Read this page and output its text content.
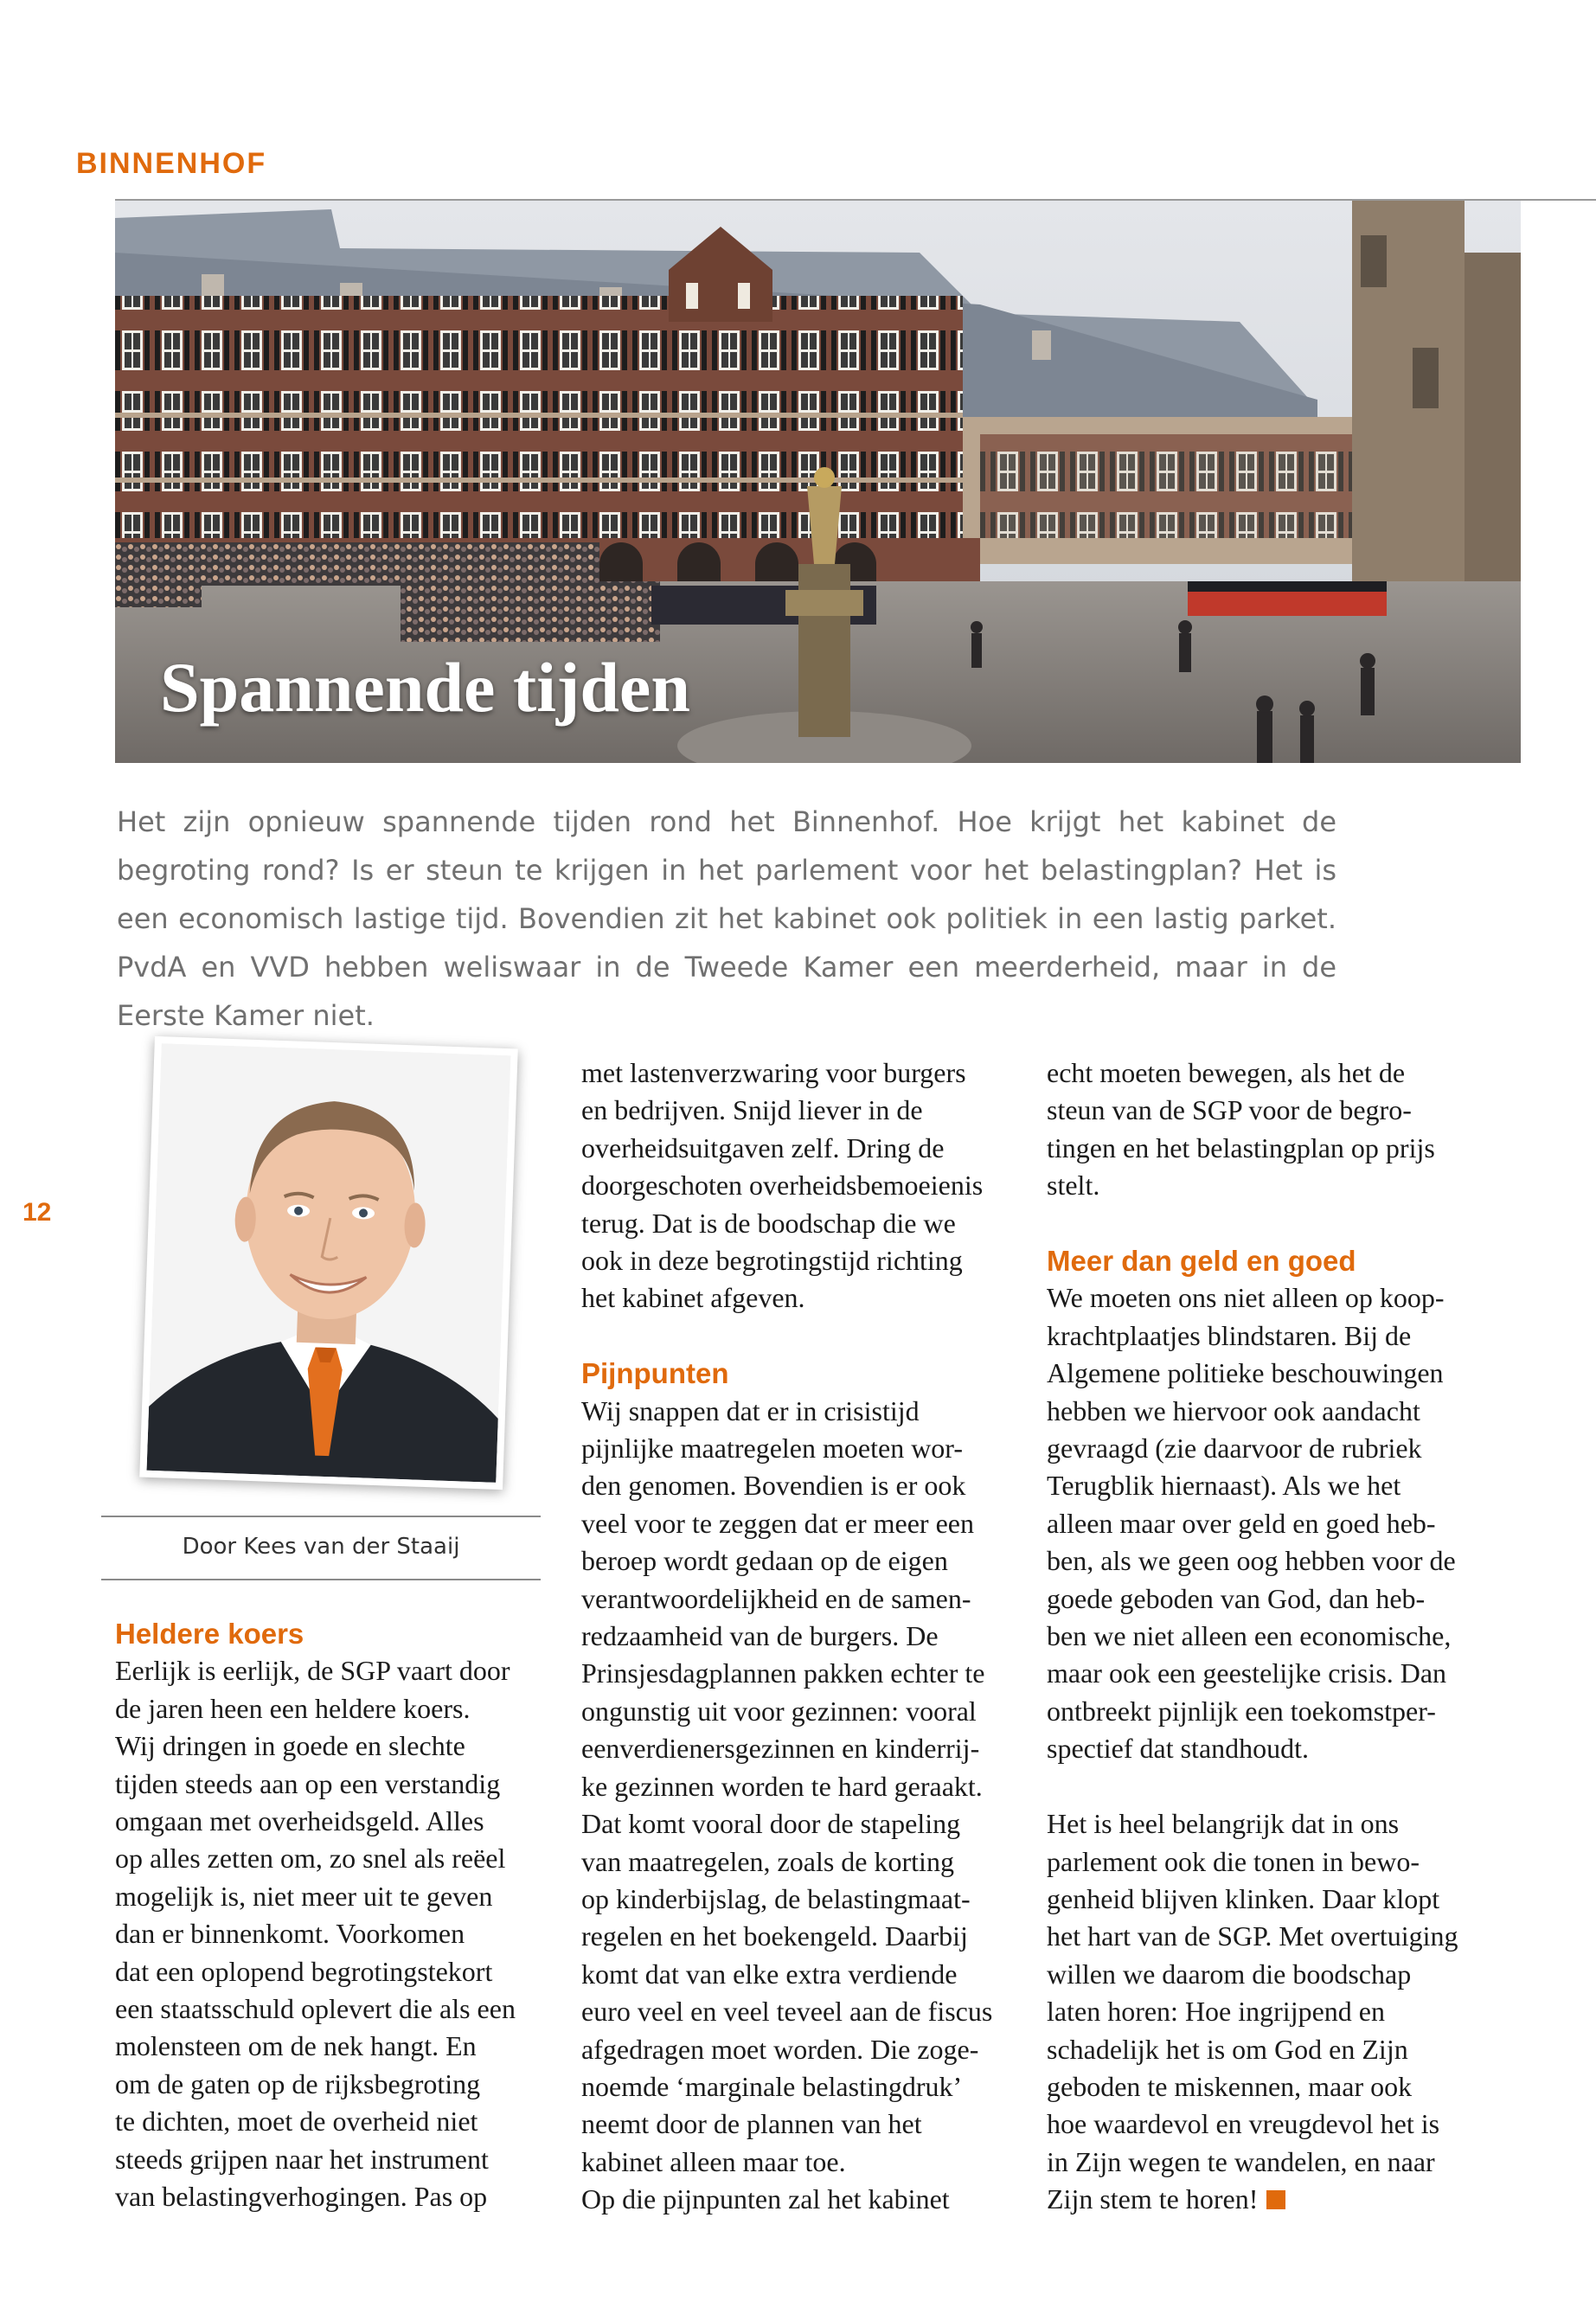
BINNENHOF
Spannende tijden
Het zijn opnieuw spannende tijden rond het Binnenhof. Hoe krijgt het kabinet de begroting rond? Is er steun te krijgen in het parlement voor het belastingplan? Het is een economisch lastige tijd. Bovendien zit het kabinet ook politiek in een lastig parket. PvdA en VVD hebben weliswaar in de Tweede Kamer een meerderheid, maar in de Eerste Kamer niet.
12
Door Kees van der Staaij
Heldere koers

Eerlijk is eerlijk, de SGP vaart door

de jaren heen een heldere koers.

Wij dringen in goede en slechte

tijden steeds aan op een verstandig

omgaan met overheidsgeld. Alles

op alles zetten om, zo snel als reëel

mogelijk is, niet meer uit te geven

dan er binnenkomt. Voorkomen

dat een oplopend begrotingstekort

een staatsschuld oplevert die als een

molensteen om de nek hangt. En

om de gaten op de rijksbegroting

te dichten, moet de overheid niet

steeds grijpen naar het instrument

van belastingverhogingen. Pas op

met lastenverzwaring voor burgers

en bedrijven. Snijd liever in de

overheidsuitgaven zelf. Dring de

doorgeschoten overheidsbemoeienis

terug. Dat is de boodschap die we

ook in deze begrotingstijd richting

het kabinet afgeven.

Pijnpunten

Wij snappen dat er in crisistijd

pijnlijke maatregelen moeten wor-

den genomen. Bovendien is er ook

veel voor te zeggen dat er meer een

beroep wordt gedaan op de eigen

verantwoordelijkheid en de samen-

redzaamheid van de burgers. De

Prinsjesdagplannen pakken echter te

ongunstig uit voor gezinnen: vooral

eenverdienersgezinnen en kinderrij-

ke gezinnen worden te hard geraakt.

Dat komt vooral door de stapeling

van maatregelen, zoals de korting

op kinderbijslag, de belastingmaat-

regelen en het boekengeld. Daarbij

komt dat van elke extra verdiende

euro veel en veel teveel aan de fiscus

afgedragen moet worden. Die zoge-

noemde ‘marginale belastingdruk’

neemt door de plannen van het

kabinet alleen maar toe.

Op die pijnpunten zal het kabinet

echt moeten bewegen, als het de

steun van de SGP voor de begro-

tingen en het belastingplan op prijs

stelt.

Meer dan geld en goed

We moeten ons niet alleen op koop-

krachtplaatjes blindstaren. Bij de

Algemene politieke beschouwingen

hebben we hiervoor ook aandacht

gevraagd (zie daarvoor de rubriek

Terugblik hiernaast). Als we het

alleen maar over geld en goed heb-

ben, als we geen oog hebben voor de

goede geboden van God, dan heb-

ben we niet alleen een economische,

maar ook een geestelijke crisis. Dan

ontbreekt pijnlijk een toekomstper-

spectief dat standhoudt.

Het is heel belangrijk dat in ons

parlement ook die tonen in bewo-

genheid blijven klinken. Daar klopt

het hart van de SGP. Met overtuiging

willen we daarom die boodschap

laten horen: Hoe ingrijpend en

schadelijk het is om God en Zijn

geboden te miskennen, maar ook

hoe waardevol en vreugdevol het is

in Zijn wegen te wandelen, en naar

Zijn stem te horen!
